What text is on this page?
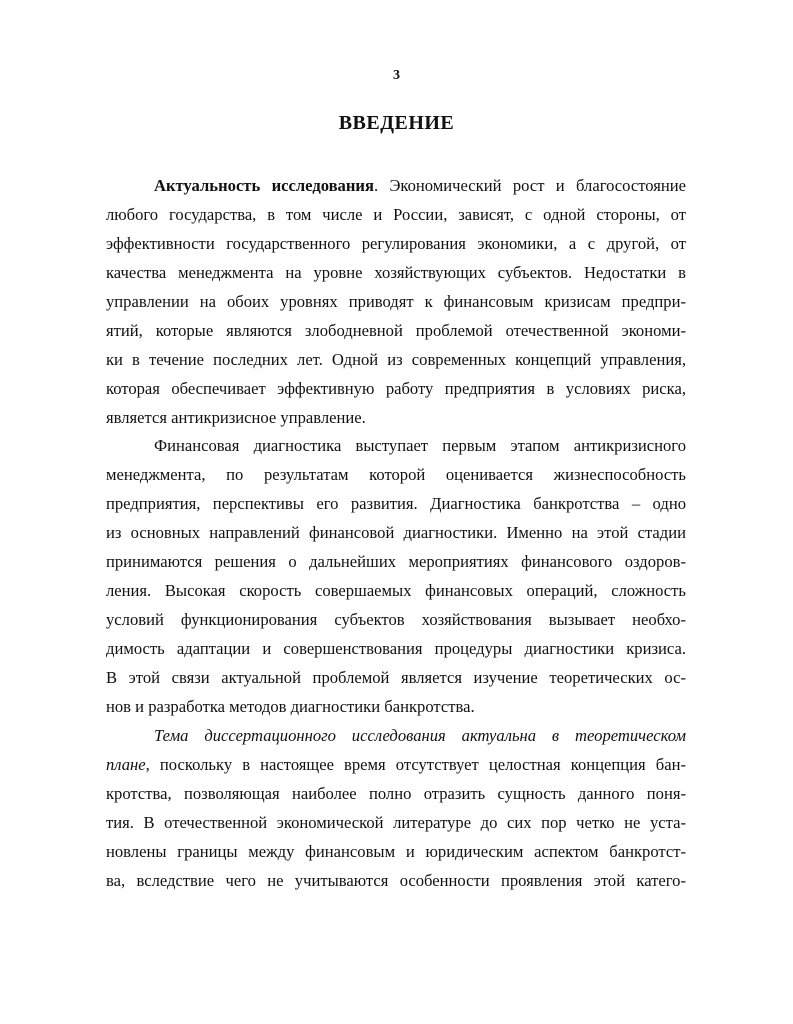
3
ВВЕДЕНИЕ
Актуальность исследования. Экономический рост и благосостояние
любого государства, в том числе и России, зависят, с одной стороны, от
эффективности государственного регулирования экономики, а с другой, от
качества менеджмента на уровне хозяйствующих субъектов. Недостатки в
управлении на обоих уровнях приводят к финансовым кризисам предпри-
ятий, которые являются злободневной проблемой отечественной экономи-
ки в течение последних лет. Одной из современных концепций управления,
которая обеспечивает эффективную работу предприятия в условиях риска,
является антикризисное управление.
Финансовая диагностика выступает первым этапом антикризисного
менеджмента, по результатам которой оценивается жизнеспособность
предприятия, перспективы его развития. Диагностика банкротства – одно
из основных направлений финансовой диагностики. Именно на этой стадии
принимаются решения о дальнейших мероприятиях финансового оздоров-
ления. Высокая скорость совершаемых финансовых операций, сложность
условий функционирования субъектов хозяйствования вызывает необхо-
димость адаптации и совершенствования процедуры диагностики кризиса.
В этой связи актуальной проблемой является изучение теоретических ос-
нов и разработка методов диагностики банкротства.
Тема диссертационного исследования актуальна в теоретическом
плане, поскольку в настоящее время отсутствует целостная концепция бан-
кротства, позволяющая наиболее полно отразить сущность данного поня-
тия. В отечественной экономической литературе до сих пор четко не уста-
новлены границы между финансовым и юридическим аспектом банкротст-
ва, вследствие чего не учитываются особенности проявления этой катего-
